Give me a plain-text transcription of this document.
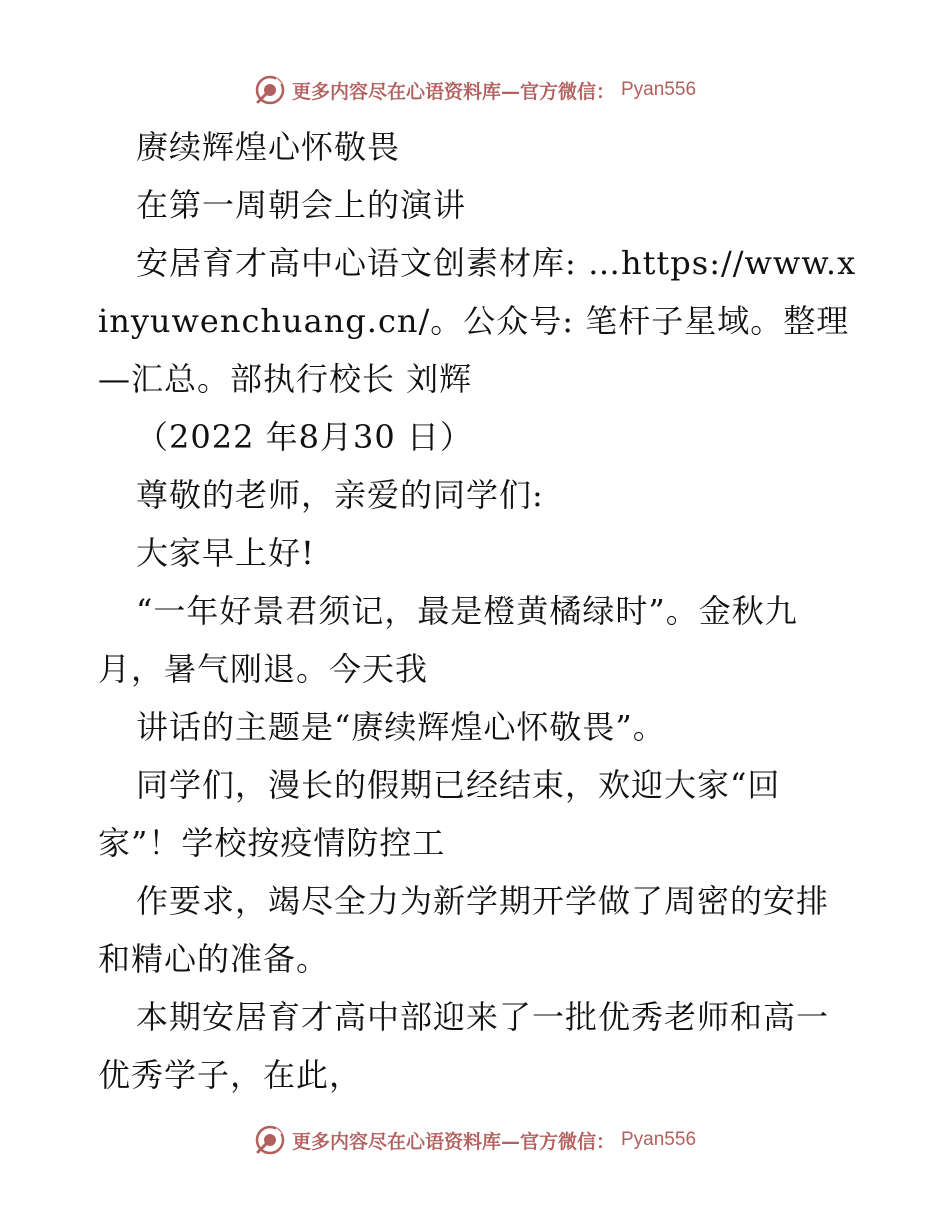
更多内容尽在心语资料库—官方微信： Pyan556

赓续辉煌心怀敬畏

在第一周朝会上的演讲

安居育才高中心语文创素材库: …https://www.xinyuwenchuang.cn/。公众号: 笔杆子星域。整理—汇总。部执行校长 刘辉

（2022 年8月30 日）

尊敬的老师，亲爱的同学们:

大家早上好!

“一年好景君须记，最是橙黄橘绿时”。金秋九月，暑气刚退。今天我

讲话的主题是“赓续辉煌心怀敬畏”。

同学们，漫长的假期已经结束，欢迎大家“回家”！学校按疫情防控工

作要求，竭尽全力为新学期开学做了周密的安排和精心的准备。

本期安居育才高中部迎来了一批优秀老师和高一优秀学子，在此，

更多内容尽在心语资料库—官方微信： Pyan556
